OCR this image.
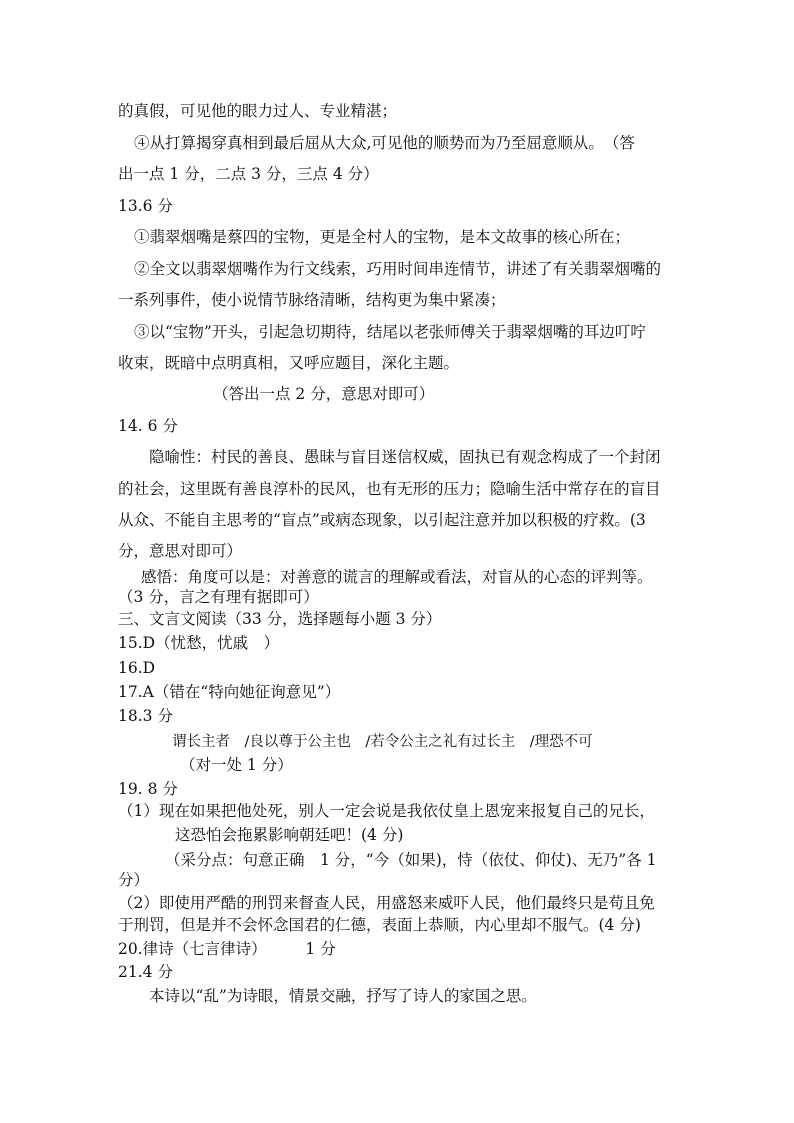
的真假，可见他的眼力过人、专业精湛；
④从打算揭穿真相到最后屈从大众,可见他的顺势而为乃至屈意顺从。　（答
出一点 1 分，二点 3 分，三点 4 分）
13.6 分
①翡翠烟嘴是蔡四的宝物，更是全村人的宝物，是本文故事的核心所在；
②全文以翡翠烟嘴作为行文线索，巧用时间串连情节，讲述了有关翡翠烟嘴的
一系列事件，使小说情节脉络清晰，结构更为集中紧凑；
③以“宝物”开头，引起急切期待，结尾以老张师傅关于翡翠烟嘴的耳边叮咛
收束，既暗中点明真相，又呼应题目，深化主题。
（答出一点 2 分，意思对即可）
14. 6 分
隐喻性：村民的善良、愚昧与盲目迷信权威，固执已有观念构成了一个封闭
的社会，这里既有善良淳朴的民风，也有无形的压力；隐喻生活中常存在的盲目
从众、不能自主思考的“盲点”或病态现象，以引起注意并加以积极的疗救。(3
分，意思对即可）
感悟：角度可以是：对善意的谎言的理解或看法，对盲从的心态的评判等。
（3 分，言之有理有据即可）
三、文言文阅读（33 分，选择题每小题 3 分）
15.D（忧愁，忧戚　）
16.D
17.A（错在“特向她征询意见”）
18.3 分
谓长主者　/良以尊于公主也　/若令公主之礼有过长主　/理恐不可
（对一处 1 分）
19. 8 分
（1）现在如果把他处死，别人一定会说是我依仗皇上恩宠来报复自己的兄长，
这恐怕会拖累影响朝廷吧！(4 分)
（采分点：句意正确　1 分，“今（如果)，恃（依仗、仰仗)、无乃”各 1
分）
（2）即使用严酷的刑罚来督查人民，用盛怒来威吓人民，他们最终只是苟且免
于刑罚，但是并不会怀念国君的仁德，表面上恭顺，内心里却不服气。(4 分)
20.律诗（七言律诗）　　　1 分
21.4 分
本诗以“乱”为诗眼，情景交融，抒写了诗人的家国之思。
